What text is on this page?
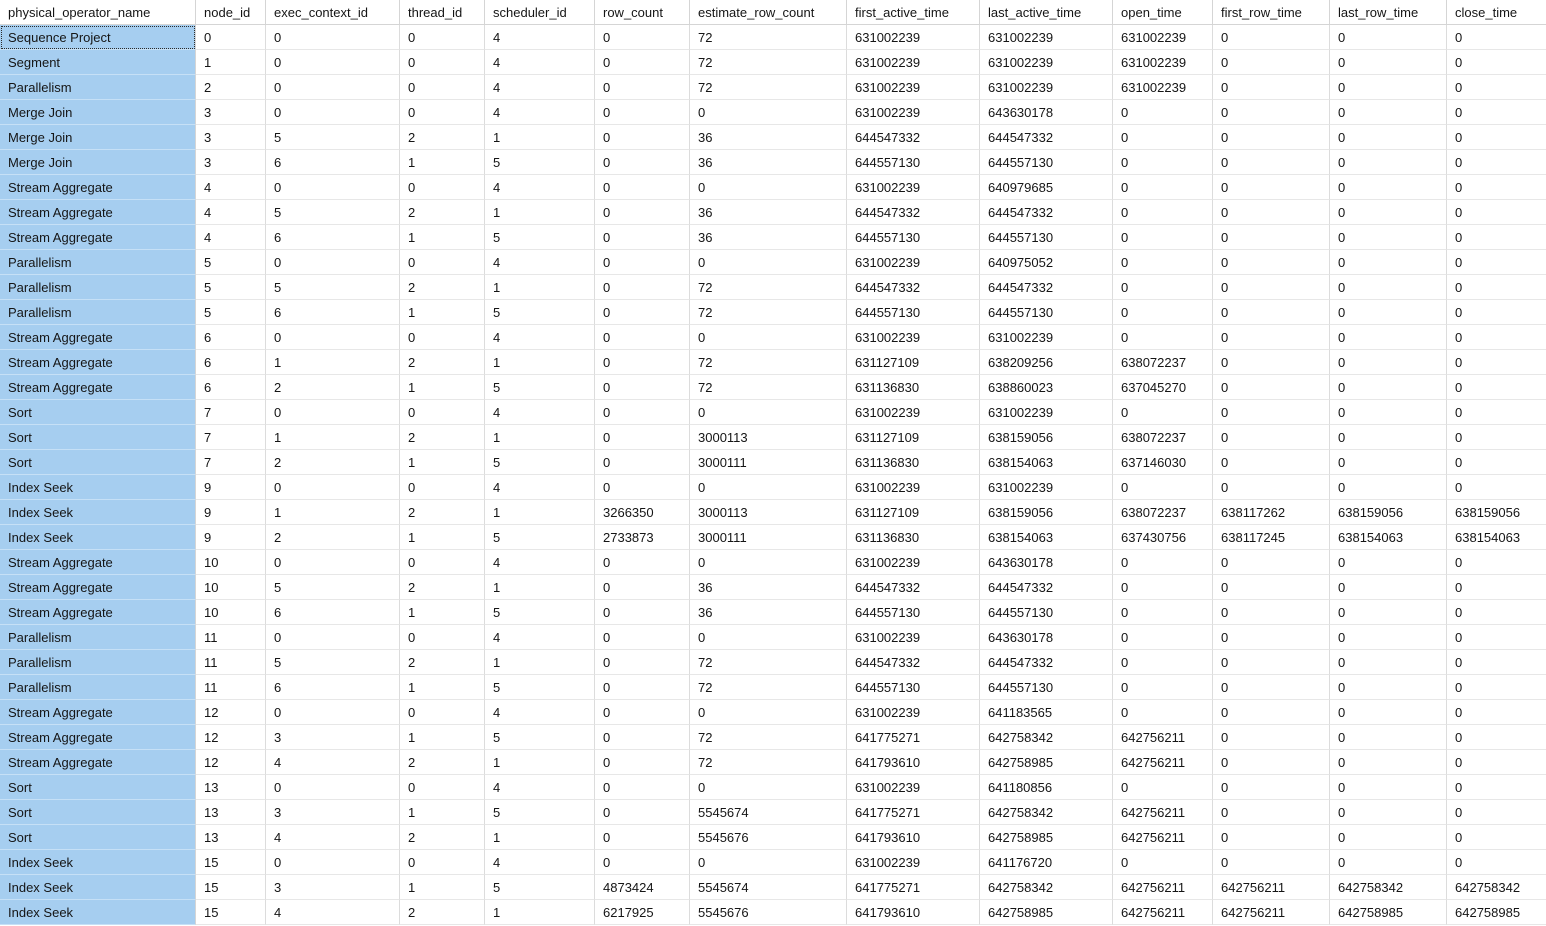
physical_operator_name	node_id	exec_context_id	thread_id	scheduler_id	row_count	estimate_row_count	first_active_time	last_active_time	open_time	first_row_time	last_row_time	close_time
Sequence Project	0	0	0	4	0	72	631002239	631002239	631002239	0	0	0
Segment	1	0	0	4	0	72	631002239	631002239	631002239	0	0	0
Parallelism	2	0	0	4	0	72	631002239	631002239	631002239	0	0	0
Merge Join	3	0	0	4	0	0	631002239	643630178	0	0	0	0
Merge Join	3	5	2	1	0	36	644547332	644547332	0	0	0	0
Merge Join	3	6	1	5	0	36	644557130	644557130	0	0	0	0
Stream Aggregate	4	0	0	4	0	0	631002239	640979685	0	0	0	0
Stream Aggregate	4	5	2	1	0	36	644547332	644547332	0	0	0	0
Stream Aggregate	4	6	1	5	0	36	644557130	644557130	0	0	0	0
Parallelism	5	0	0	4	0	0	631002239	640975052	0	0	0	0
Parallelism	5	5	2	1	0	72	644547332	644547332	0	0	0	0
Parallelism	5	6	1	5	0	72	644557130	644557130	0	0	0	0
Stream Aggregate	6	0	0	4	0	0	631002239	631002239	0	0	0	0
Stream Aggregate	6	1	2	1	0	72	631127109	638209256	638072237	0	0	0
Stream Aggregate	6	2	1	5	0	72	631136830	638860023	637045270	0	0	0
Sort	7	0	0	4	0	0	631002239	631002239	0	0	0	0
Sort	7	1	2	1	0	3000113	631127109	638159056	638072237	0	0	0
Sort	7	2	1	5	0	3000111	631136830	638154063	637146030	0	0	0
Index Seek	9	0	0	4	0	0	631002239	631002239	0	0	0	0
Index Seek	9	1	2	1	3266350	3000113	631127109	638159056	638072237	638117262	638159056	638159056
Index Seek	9	2	1	5	2733873	3000111	631136830	638154063	637430756	638117245	638154063	638154063
Stream Aggregate	10	0	0	4	0	0	631002239	643630178	0	0	0	0
Stream Aggregate	10	5	2	1	0	36	644547332	644547332	0	0	0	0
Stream Aggregate	10	6	1	5	0	36	644557130	644557130	0	0	0	0
Parallelism	11	0	0	4	0	0	631002239	643630178	0	0	0	0
Parallelism	11	5	2	1	0	72	644547332	644547332	0	0	0	0
Parallelism	11	6	1	5	0	72	644557130	644557130	0	0	0	0
Stream Aggregate	12	0	0	4	0	0	631002239	641183565	0	0	0	0
Stream Aggregate	12	3	1	5	0	72	641775271	642758342	642756211	0	0	0
Stream Aggregate	12	4	2	1	0	72	641793610	642758985	642756211	0	0	0
Sort	13	0	0	4	0	0	631002239	641180856	0	0	0	0
Sort	13	3	1	5	0	5545674	641775271	642758342	642756211	0	0	0
Sort	13	4	2	1	0	5545676	641793610	642758985	642756211	0	0	0
Index Seek	15	0	0	4	0	0	631002239	641176720	0	0	0	0
Index Seek	15	3	1	5	4873424	5545674	641775271	642758342	642756211	642756211	642758342	642758342
Index Seek	15	4	2	1	6217925	5545676	641793610	642758985	642756211	642756211	642758985	642758985
